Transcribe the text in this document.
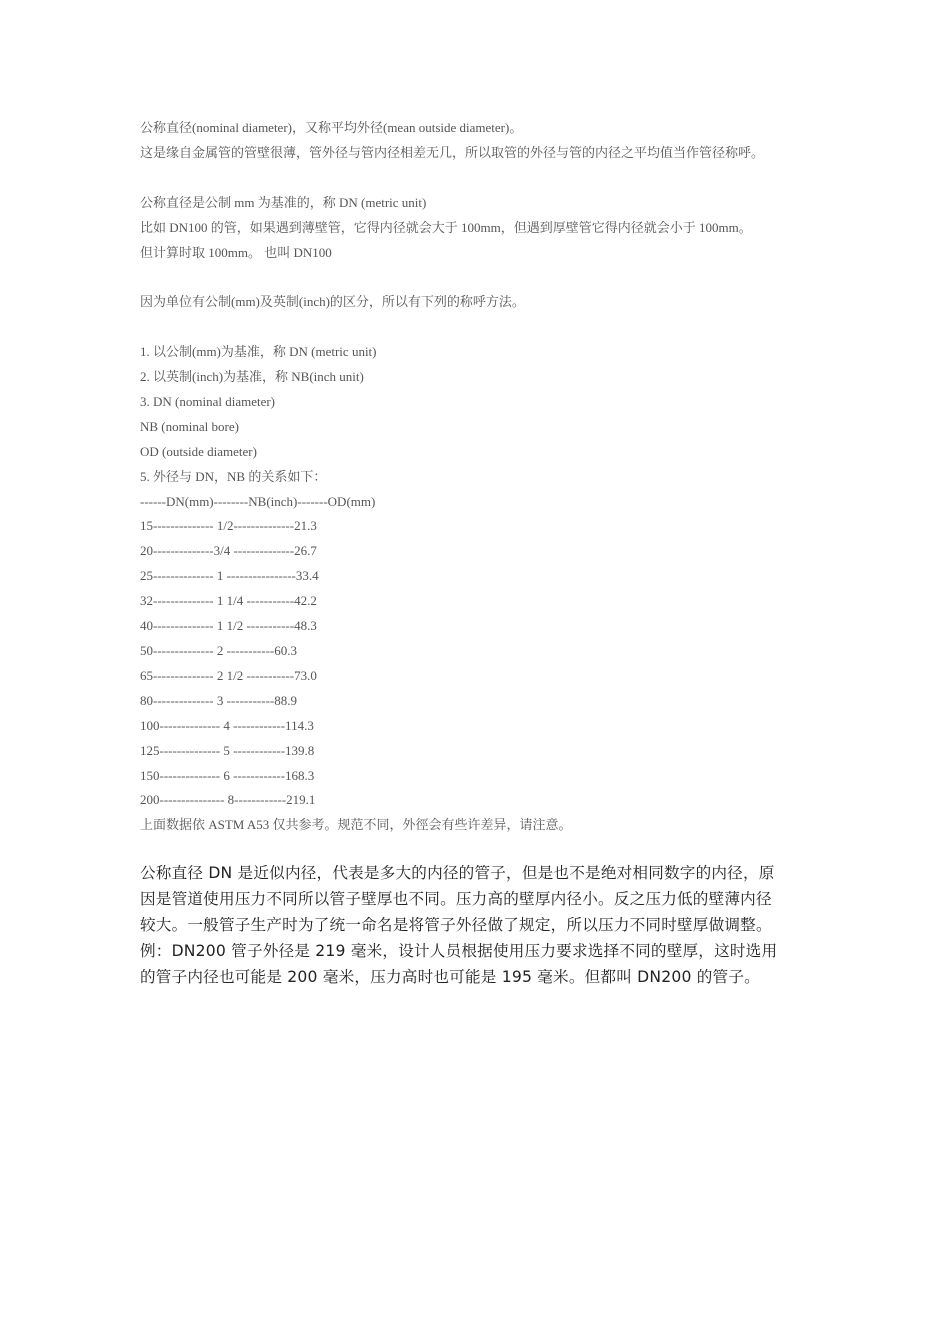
公称直径(nominal diameter)，又称平均外径(mean outside diameter)。
这是缘自金属管的管壁很薄，管外径与管内径相差无几，所以取管的外径与管的内径之平均值当作管径称呼。
公称直径是公制 mm 为基准的，称 DN (metric unit)
比如 DN100 的管，如果遇到薄壁管，它得内径就会大于 100mm，但遇到厚壁管它得内径就会小于 100mm。
但计算时取 100mm。 也叫 DN100
因为单位有公制(mm)及英制(inch)的区分，所以有下列的称呼方法。
1. 以公制(mm)为基准，称 DN (metric unit)
2. 以英制(inch)为基准，称 NB(inch unit)
3. DN (nominal diameter)
NB (nominal bore)
OD (outside diameter)
5. 外径与 DN，NB 的关系如下：
------DN(mm)--------NB(inch)-------OD(mm)
15-------------- 1/2--------------21.3
20--------------3/4 --------------26.7
25-------------- 1 ----------------33.4
32-------------- 1 1/4 -----------42.2
40-------------- 1 1/2 -----------48.3
50-------------- 2 -----------60.3
65-------------- 2 1/2 -----------73.0
80-------------- 3 -----------88.9
100-------------- 4 ------------114.3
125-------------- 5 ------------139.8
150-------------- 6 ------------168.3
200--------------- 8------------219.1
上面数据依 ASTM A53 仅共参考。规范不同，外徑会有些许差异，请注意。

公称直径 DN 是近似内径，代表是多大的内径的管子，但是也不是绝对相同数字的内径，原

因是管道使用压力不同所以管子壁厚也不同。压力高的壁厚内径小。反之压力低的壁薄内径

较大。一般管子生产时为了统一命名是将管子外径做了规定，所以压力不同时壁厚做调整。

例：DN200 管子外径是 219 毫米，设计人员根据使用压力要求选择不同的壁厚，这时选用

的管子内径也可能是 200 毫米，压力高时也可能是 195 毫米。但都叫 DN200 的管子。
